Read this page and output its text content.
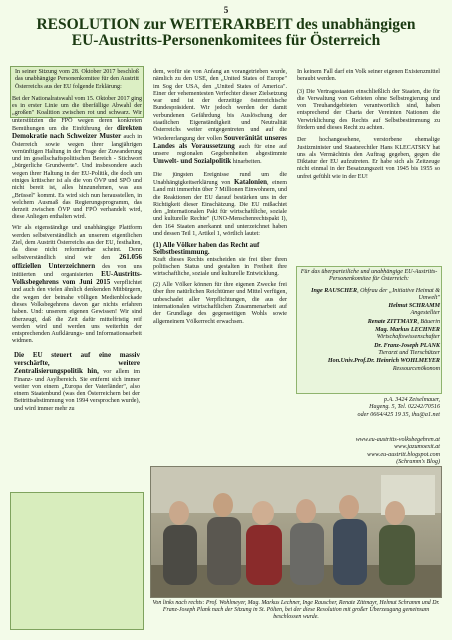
5
RESOLUTION zur WEITERARBEIT des unabhängigen
EU-Austritts-Personenkomitees für Österreich

In seiner Sitzung vom 28. Oktober 2017 beschloß das unabhängige Personenkomitee für den Austritt Österreichs aus der EU folgende Erklärung:

Bei der Nationalratswahl vom 15. Oktober 2017 ging es in erster Linie um die überfällige Abwahl der „großen" Koalition zwischen rot und schwarz. Wir unterstützten die FPÖ wegen deren konkreten Bemühungen um die Einführung der direkten Demokratie nach Schweizer Muster auch in Österreich sowie wegen ihrer langjährigen vernünftigen Haltung in der Frage der Zuwanderung und im gesellschaftspolitischen Bereich - Stichwort „bürgerliche Grundwerte". Und insbesondere auch wegen ihrer Haltung in der EU-Politik, die doch um einiges kritischer ist als die von ÖVP und SPÖ und nicht bereit ist, alles hinzunehmen, was aus „Brüssel" kommt. Es wird sich nun herausstellen, in welchem Ausmaß das Regierungsprogramm, das derzeit zwischen ÖVP und FPÖ verhandelt wird, diese Anliegen enthalten wird.

Wir als eigenständige und unabhängige Plattform werden selbstverständlich an unserem eigentlichen Ziel, dem Austritt Österreichs aus der EU, festhalten, da diese nicht reformierbar scheint. Denn selbstverständlich sind wir den 261.056 offiziellen Unterzeichnern des von uns initiierten und organisierten EU-Austritts-Volksbegehrens vom Juni 2015 verpflichtet und auch den vielen ähnlich denkenden Mitbürgern, die wegen der beinahe völligen Medienblockade dieses Volksbegehrens davon gar nichts erfahren haben. Und: unserem eigenen Gewissen! Wir sind überzeugt, daß die Zeit dafür mittelfristig reif werden wird und werden uns weiterhin der entsprechenden Aufklärungs- und Informationsarbeit widmen.

Die EU steuert auf eine massiv verschärfte, weitere Zentralisierungspolitik hin, vor allem im Finanz- und Asylbereich. Sie entfernt sich immer weiter von einem „Europa der Vaterländer", also einem Staatenbund (was den Österreichern bei der Beitrittsabstimmung von 1994 versprochen wurde), und wird immer mehr zu

dem, wofür sie von Anfang an vorangetrieben wurde, nämlich zu den USE, den „United States of Europe" im Sog der USA, den „United States of America". Einer der vehementesten Verfechter dieser Zielsetzung war und ist der derzeitige österreichische Bundespräsident. Wir jedoch werden der damit verbundenen Gefährdung bis Auslöschung der staatlichen Eigenständigkeit und Neutralität Österreichs weiter entgegentreten und auf die Wiedererlangung der vollen Souveränität unseres Landes als Voraussetzung auch für eine auf unsere regionalen Gegebenheiten abgestimmte Umwelt- und Sozialpolitik hinarbeiten.

Die jüngsten Ereignisse rund um die Unabhängigkeitserklärung von Katalonien, einem Land mit immerhin über 7 Millionen Einwohnern, und die Reaktionen der EU darauf bestärken uns in der Richtigkeit dieser Einschätzung. Die EU mißachtet den „Internationalen Pakt für wirtschaftliche, soziale und kulturelle Rechte" (UNO-Menschenrechtspakt I), den 164 Staaten anerkannt und unterzeichnet haben und dessen Teil 1, Artikel 1, wörtlich lautet:

(1) Alle Völker haben das Recht auf Selbstbestimmung.
Kraft dieses Rechts entscheiden sie frei über ihren politischen Status und gestalten in Freiheit ihre wirtschaftliche, soziale und kulturelle Entwicklung.

(2) Alle Völker können für ihre eigenen Zwecke frei über ihre natürlichen Reichtümer und Mittel verfügen, unbeschadet aller Verpflichtungen, die aus der internationalen wirtschaftlichen Zusammenarbeit auf der Grundlage des gegenseitigen Wohls sowie allgemeinem Völkerrecht erwachsen.

In keinem Fall darf ein Volk seiner eigenen Existenzmittel beraubt werden.

(3) Die Vertragsstaaten einschließlich der Staaten, die für die Verwaltung von Gebieten ohne Selbstregierung und von Treuhandgebieten verantwortlich sind, haben entsprechend der Charta der Vereinten Nationen die Verwirklichung des Rechts auf Selbstbestimmung zu fördern und dieses Recht zu achten.

Der hochangesehene, verstorbene ehemalige Justizminister und Staatsrechtler Hans KLECATSKY hat uns als Vermächtnis den Auftrag gegeben, gegen die Diktatur der EU aufzutreten. Er habe sich als Zeitzeuge nicht einmal in der Besatzungszeit von 1945 bis 1955 so unfrei gefühlt wie in der EU!

Für das überparteiliche und unabhängige EU-Austritts-Personenkomitee für Österreich:
Inge RAUSCHER, Obfrau der „Initiative Heimat & Umwelt"
Helmut SCHRAMM
Angestellter
Renate ZITTMAYR, Bäuerin
Mag. Markus LECHNER
Wirtschaftswissenschafter
Dr. Franz-Joseph PLANK
Tierarzt und Tierschützer
Hon.Univ.Prof.Dr. Heinrich WOHLMEYER
Ressourcenökonom
p.A. 3424 Zeiselmauer,
Hageng. 5, Tel. 02242/70516
oder 0664/425 19 35, ihu@a1.net
www.eu-austritts-volksbegehren.at
www.jazumoexit.at
www.eu-austritt.blogspot.com
(Schramm's Blog)
Von links nach rechts: Prof. Wohlmeyer, Mag. Markus Lechner, Inge Rauscher, Renate Zittmayr, Helmut Schramm und Dr. Franz-Joseph Plank nach der Sitzung in St. Pölten, bei der diese Resolution mit großer Überzeugung gemeinsam beschlossen wurde.
